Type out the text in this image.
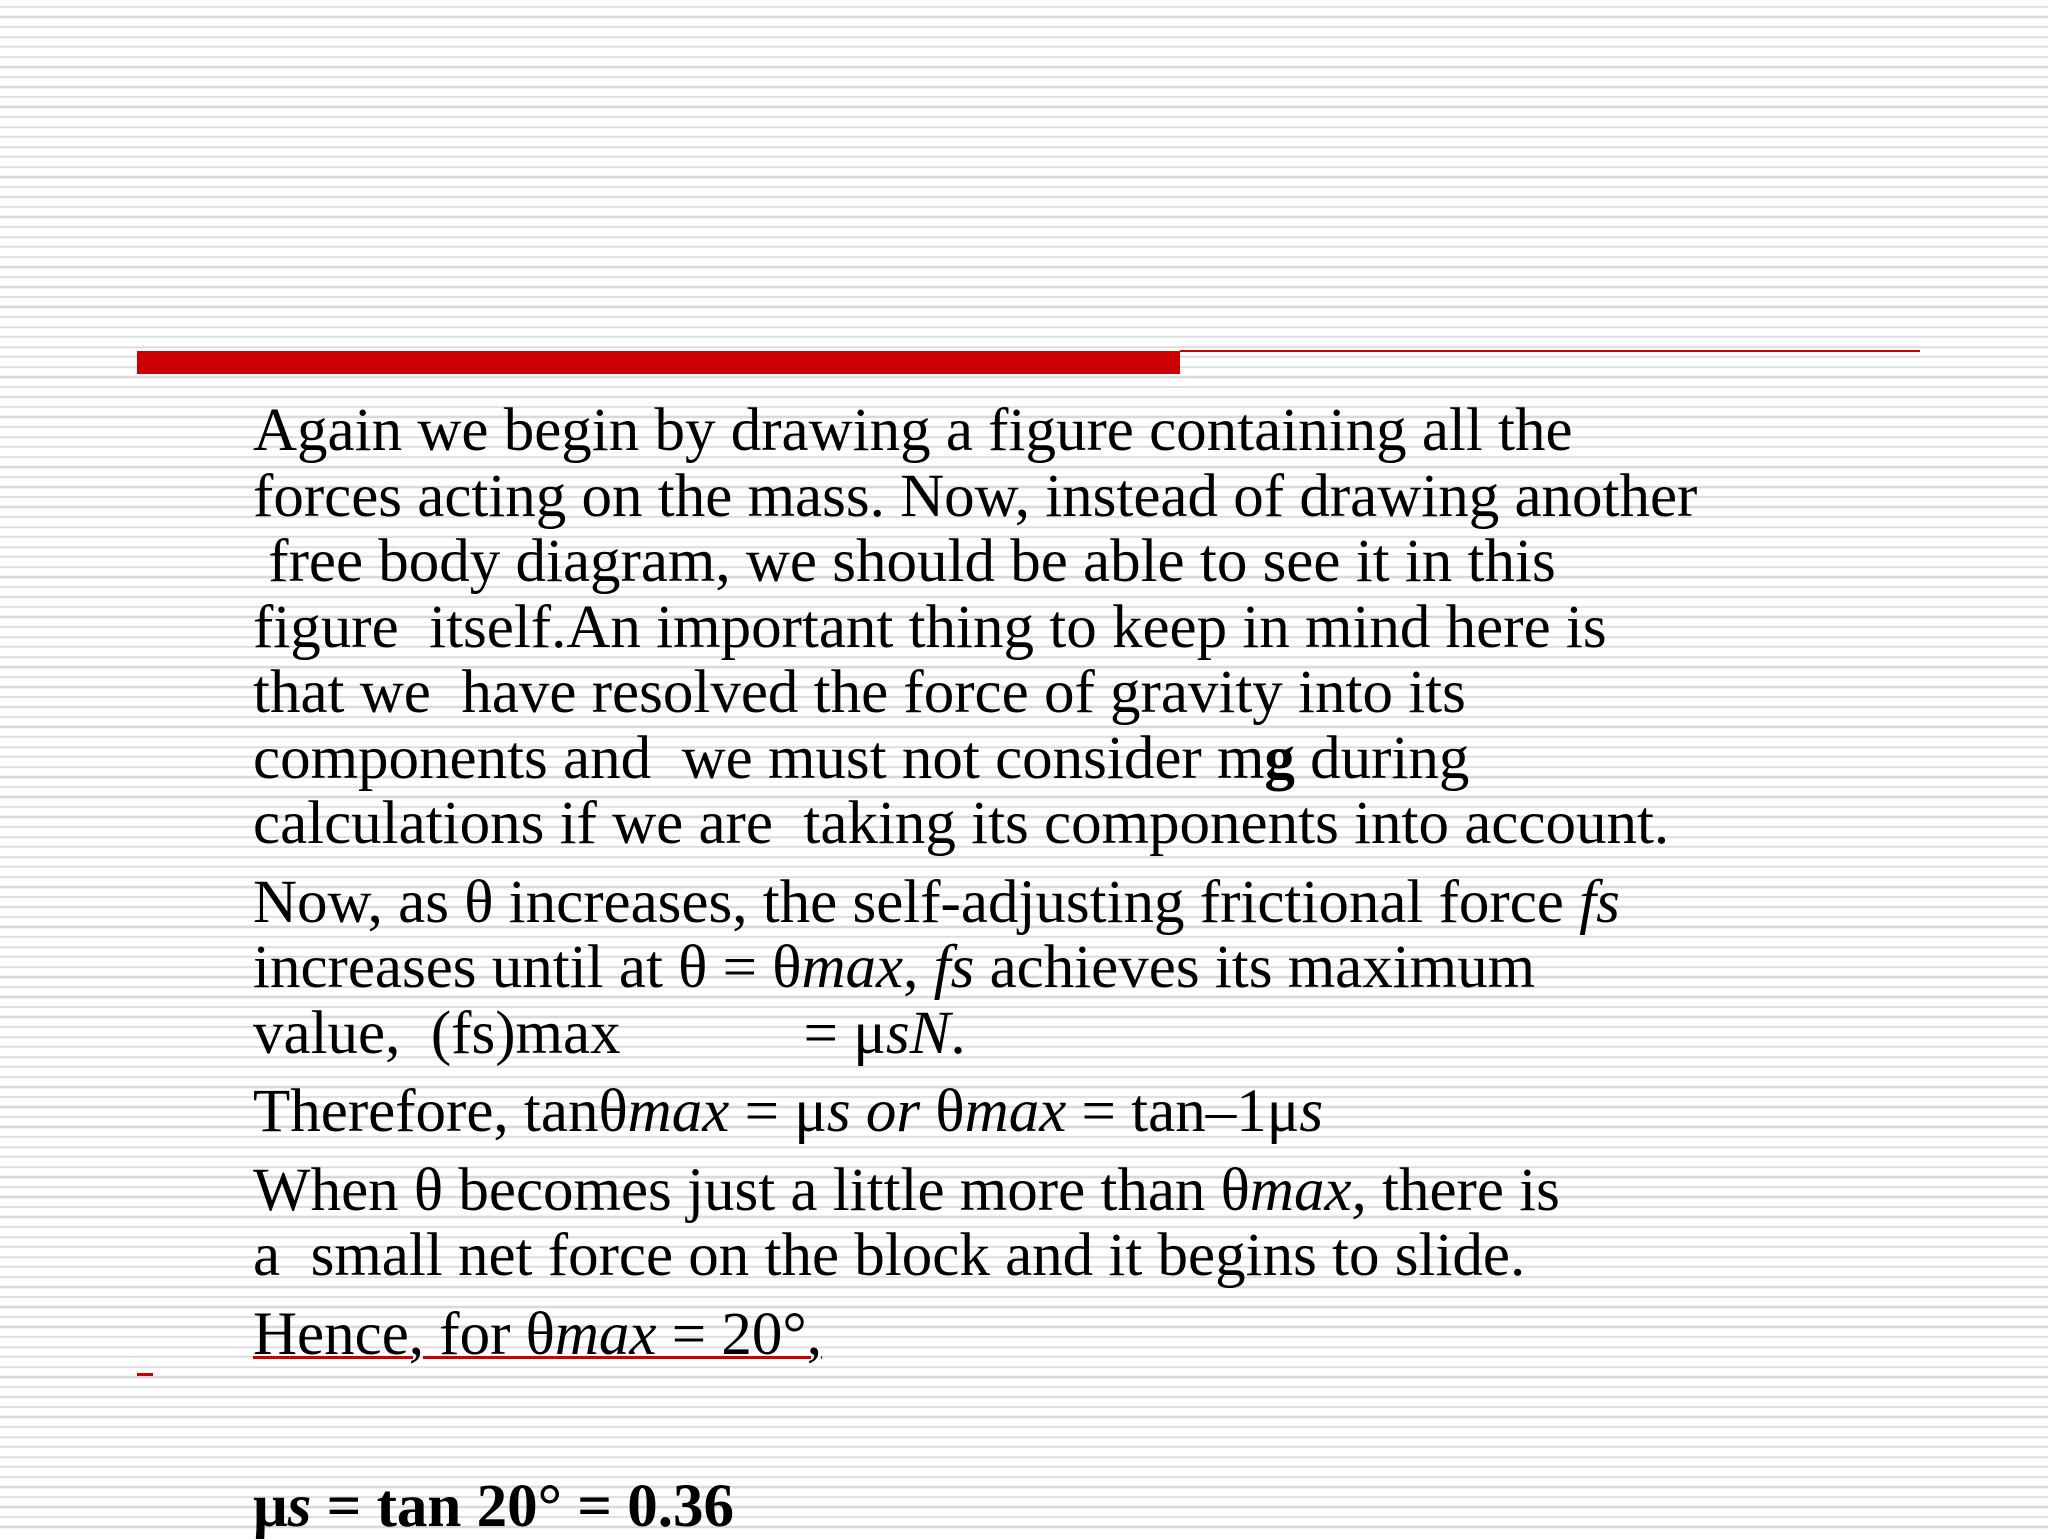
Again we begin by drawing a figure containing all the
forces acting on the mass. Now, instead of drawing another
free body diagram, we should be able to see it in this
figure  itself.An important thing to keep in mind here is
that we  have resolved the force of gravity into its
components and  we must not consider mg during
calculations if we are  taking its components into account.
Now, as θ increases, the self-adjusting frictional force fs
increases until at θ = θmax, fs achieves its maximum
value,  (fs)max            = μsN.
Therefore, tanθmax = μs or θmax = tan–1μs
When θ becomes just a little more than θmax, there is
a  small net force on the block and it begins to slide.
Hence, for θmax = 20°,
μs = tan 20° = 0.36
